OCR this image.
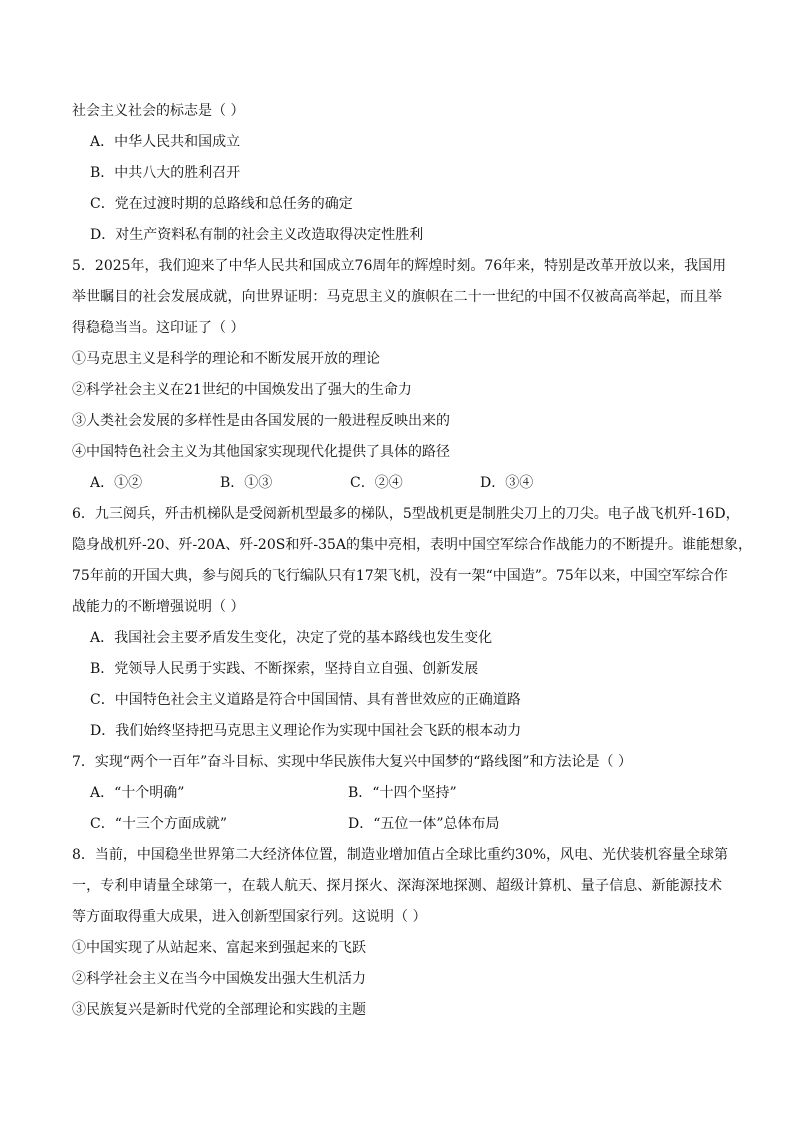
社会主义社会的标志是（ ）
A．中华人民共和国成立
B．中共八大的胜利召开
C．党在过渡时期的总路线和总任务的确定
D．对生产资料私有制的社会主义改造取得决定性胜利
5．2025年，我们迎来了中华人民共和国成立76周年的辉煌时刻。76年来，特别是改革开放以来，我国用
举世瞩目的社会发展成就，向世界证明：马克思主义的旗帜在二十一世纪的中国不仅被高高举起，而且举
得稳稳当当。这印证了（ ）
①马克思主义是科学的理论和不断发展开放的理论
②科学社会主义在21世纪的中国焕发出了强大的生命力
③人类社会发展的多样性是由各国发展的一般进程反映出来的
④中国特色社会主义为其他国家实现现代化提供了具体的路径
A．①②	B．①③	C．②④	D．③④
6．九三阅兵，歼击机梯队是受阅新机型最多的梯队，5型战机更是制胜尖刀上的刀尖。电子战飞机歼-16D，
隐身战机歼-20、歼-20A、歼-20S和歼-35A的集中亮相，表明中国空军综合作战能力的不断提升。谁能想象，
75年前的开国大典，参与阅兵的飞行编队只有17架飞机，没有一架“中国造”。75年以来，中国空军综合作
战能力的不断增强说明（ ）
A．我国社会主要矛盾发生变化，决定了党的基本路线也发生变化
B．党领导人民勇于实践、不断探索，坚持自立自强、创新发展
C．中国特色社会主义道路是符合中国国情、具有普世效应的正确道路
D．我们始终坚持把马克思主义理论作为实现中国社会飞跃的根本动力
7．实现“两个一百年”奋斗目标、实现中华民族伟大复兴中国梦的“路线图”和方法论是（ ）
A．“十个明确”	B．“十四个坚持”
C．“十三个方面成就”	D．“五位一体”总体布局
8．当前，中国稳坐世界第二大经济体位置，制造业增加值占全球比重约30%，风电、光伏装机容量全球第
一，专利申请量全球第一，在载人航天、探月探火、深海深地探测、超级计算机、量子信息、新能源技术
等方面取得重大成果，进入创新型国家行列。这说明（ ）
①中国实现了从站起来、富起来到强起来的飞跃
②科学社会主义在当今中国焕发出强大生机活力
③民族复兴是新时代党的全部理论和实践的主题
